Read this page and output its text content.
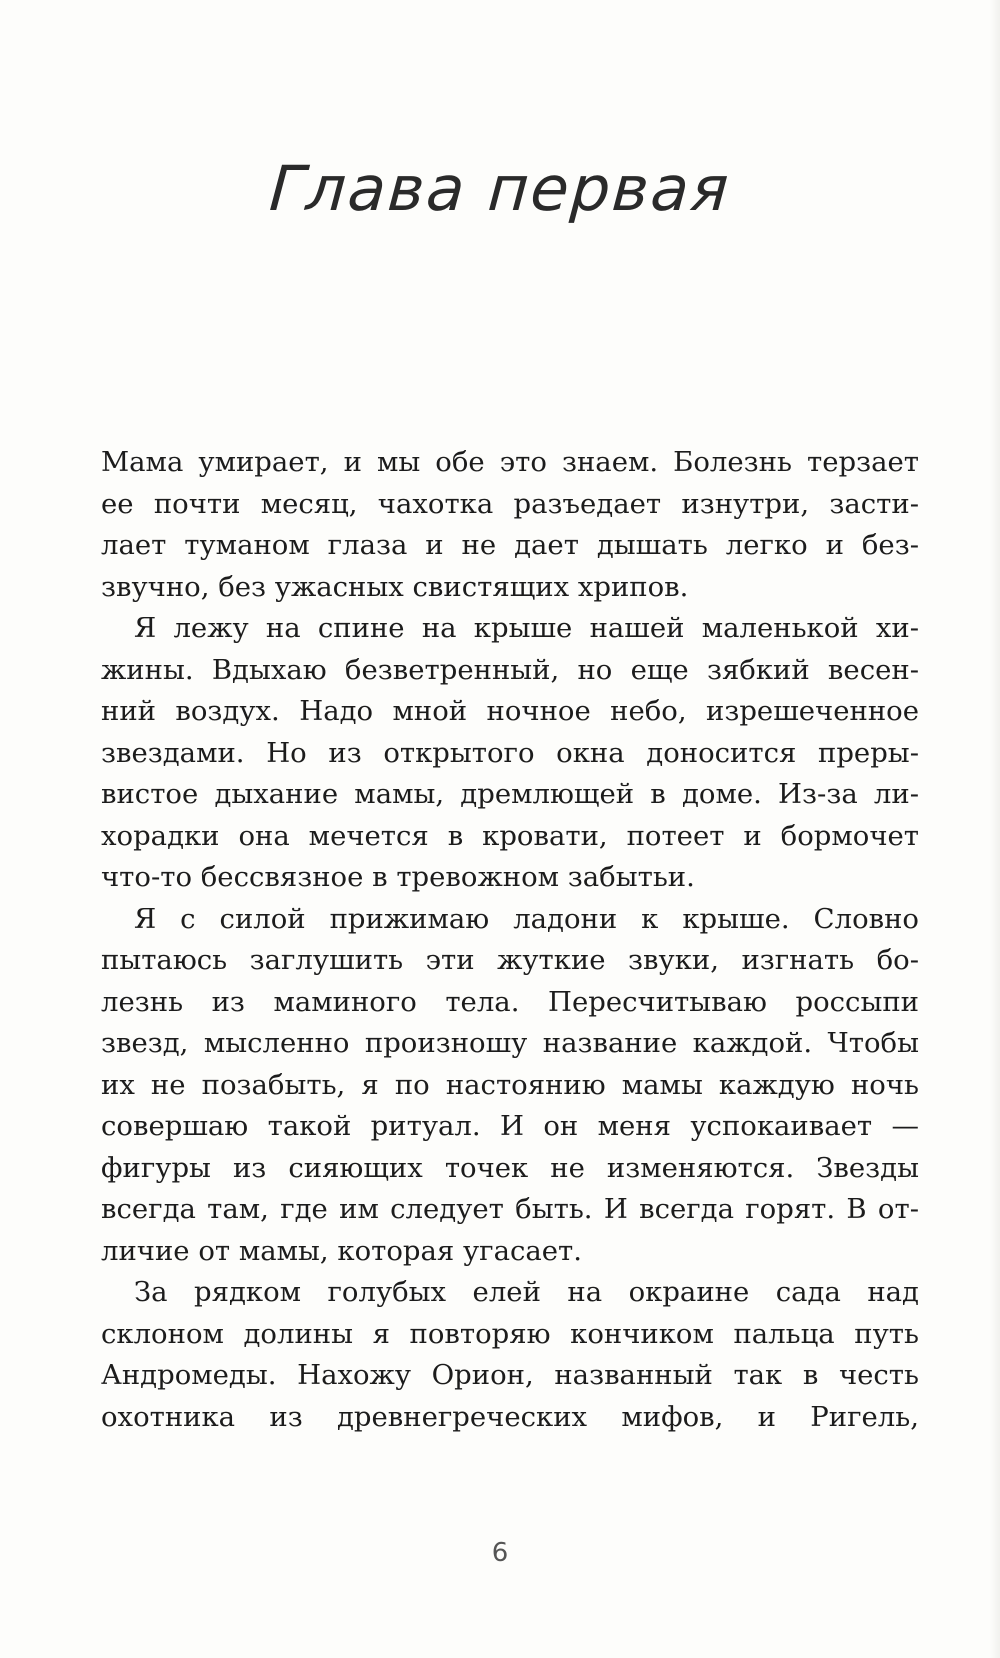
Глава первая
Мама умирает, и мы обе это знаем. Болезнь терзает
ее почти месяц, чахотка разъедает изнутри, засти-
лает туманом глаза и не дает дышать легко и без-
звучно, без ужасных свистящих хрипов.
Я лежу на спине на крыше нашей маленькой хи-
жины. Вдыхаю безветренный, но еще зябкий весен-
ний воздух. Надо мной ночное небо, изрешеченное
звездами. Но из открытого окна доносится преры-
вистое дыхание мамы, дремлющей в доме. Из-за ли-
хорадки она мечется в кровати, потеет и бормочет
что-то бессвязное в тревожном забытьи.
Я с силой прижимаю ладони к крыше. Словно
пытаюсь заглушить эти жуткие звуки, изгнать бо-
лезнь из маминого тела. Пересчитываю россыпи
звезд, мысленно произношу название каждой. Чтобы
их не позабыть, я по настоянию мамы каждую ночь
совершаю такой ритуал. И он меня успокаивает —
фигуры из сияющих точек не изменяются. Звезды
всегда там, где им следует быть. И всегда горят. В от-
личие от мамы, которая угасает.
За рядком голубых елей на окраине сада над
склоном долины я повторяю кончиком пальца путь
Андромеды. Нахожу Орион, названный так в честь
охотника из древнегреческих мифов, и Ригель,
6
